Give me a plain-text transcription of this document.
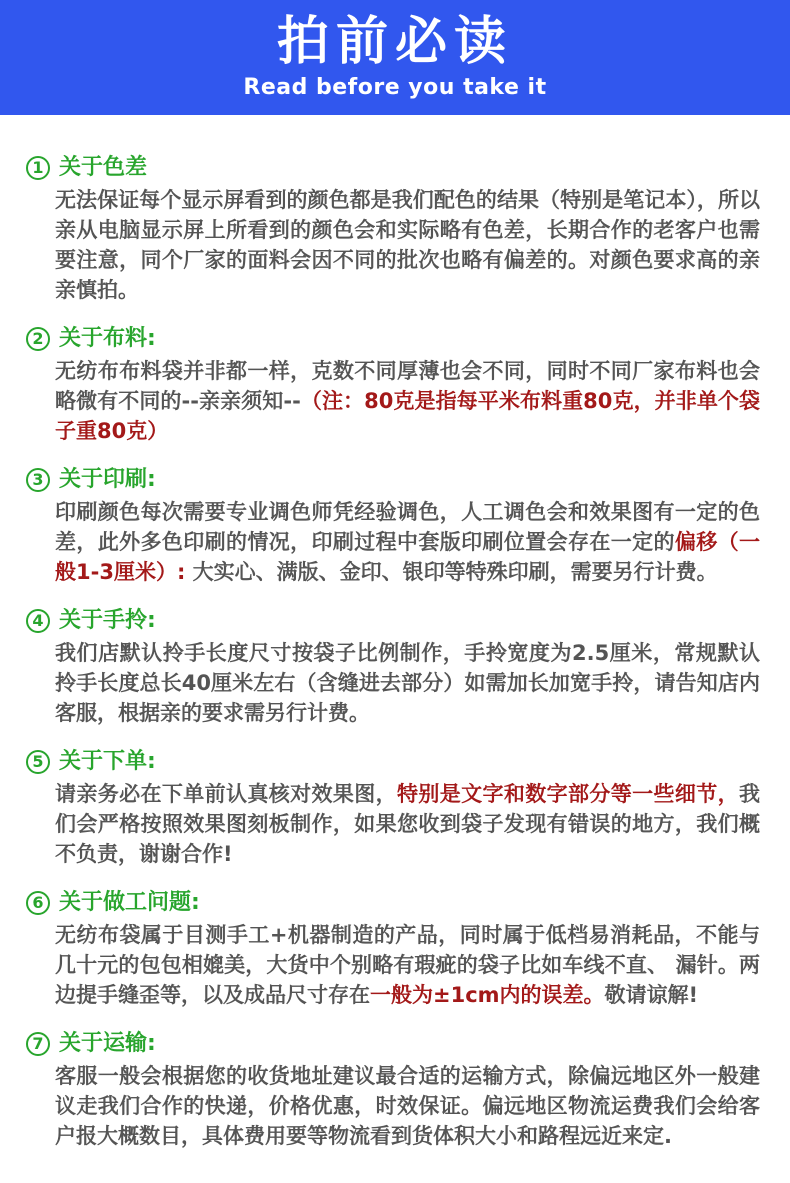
拍前必读
Read before you take it
1 关于色差

无法保证每个显示屏看到的颜色都是我们配色的结果（特别是笔记本），所以亲从电脑显示屏上所看到的颜色会和实际略有色差，长期合作的老客户也需要注意，同个厂家的面料会因不同的批次也略有偏差的。对颜色要求高的亲亲慎拍。

2 关于布料:

无纺布布料袋并非都一样，克数不同厚薄也会不同，同时不同厂家布料也会略微有不同的--亲亲须知--（注：80克是指每平米布料重80克，并非单个袋子重80克）

3 关于印刷:

印刷颜色每次需要专业调色师凭经验调色，人工调色会和效果图有一定的色差，此外多色印刷的情况，印刷过程中套版印刷位置会存在一定的偏移（一般1-3厘米）: 大实心、满版、金印、银印等特殊印刷，需要另行计费。

4 关于手拎:

我们店默认拎手长度尺寸按袋子比例制作，手拎宽度为2.5厘米，常规默认拎手长度总长40厘米左右（含缝进去部分）如需加长加宽手拎，请告知店内客服，根据亲的要求需另行计费。

5 关于下单:

请亲务必在下单前认真核对效果图，特别是文字和数字部分等一些细节，我们会严格按照效果图刻板制作，如果您收到袋子发现有错误的地方，我们概不负责，谢谢合作!

6 关于做工问题:

无纺布袋属于目测手工+机器制造的产品，同时属于低档易消耗品，不能与几十元的包包相媲美，大货中个别略有瑕疵的袋子比如车线不直、 漏针。两边提手缝歪等，以及成品尺寸存在一般为±1cm内的误差。敬请谅解!

7 关于运输:

客服一般会根据您的收货地址建议最合适的运输方式，除偏远地区外一般建议走我们合作的快递，价格优惠，时效保证。偏远地区物流运费我们会给客户报大概数目，具体费用要等物流看到货体积大小和路程远近来定.
